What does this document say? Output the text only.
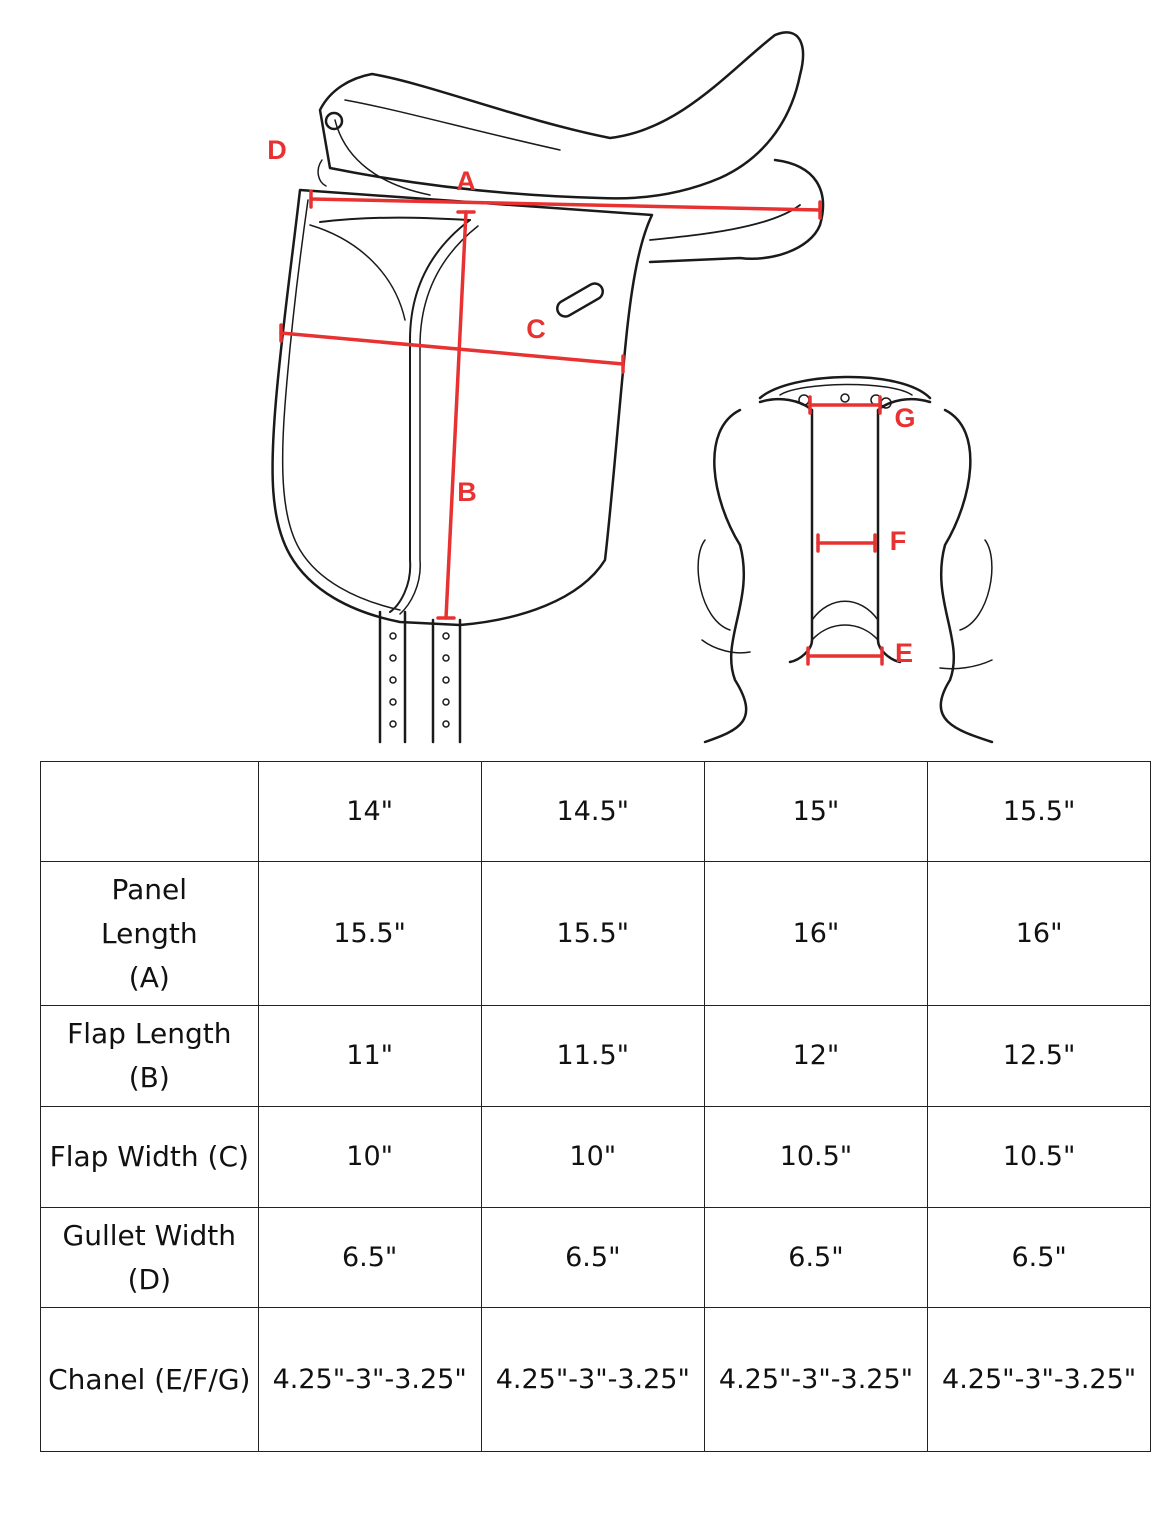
A
B
C
D
E
F
G
	14"	14.5"	15"	15.5"
Panel Length (A)	15.5"	15.5"	16"	16"
Flap Length (B)	11"	11.5"	12"	12.5"
Flap Width (C)	10"	10"	10.5"	10.5"
Gullet Width (D)	6.5"	6.5"	6.5"	6.5"
Chanel (E/F/G)	4.25"-3"-3.25"	4.25"-3"-3.25"	4.25"-3"-3.25"	4.25"-3"-3.25"
